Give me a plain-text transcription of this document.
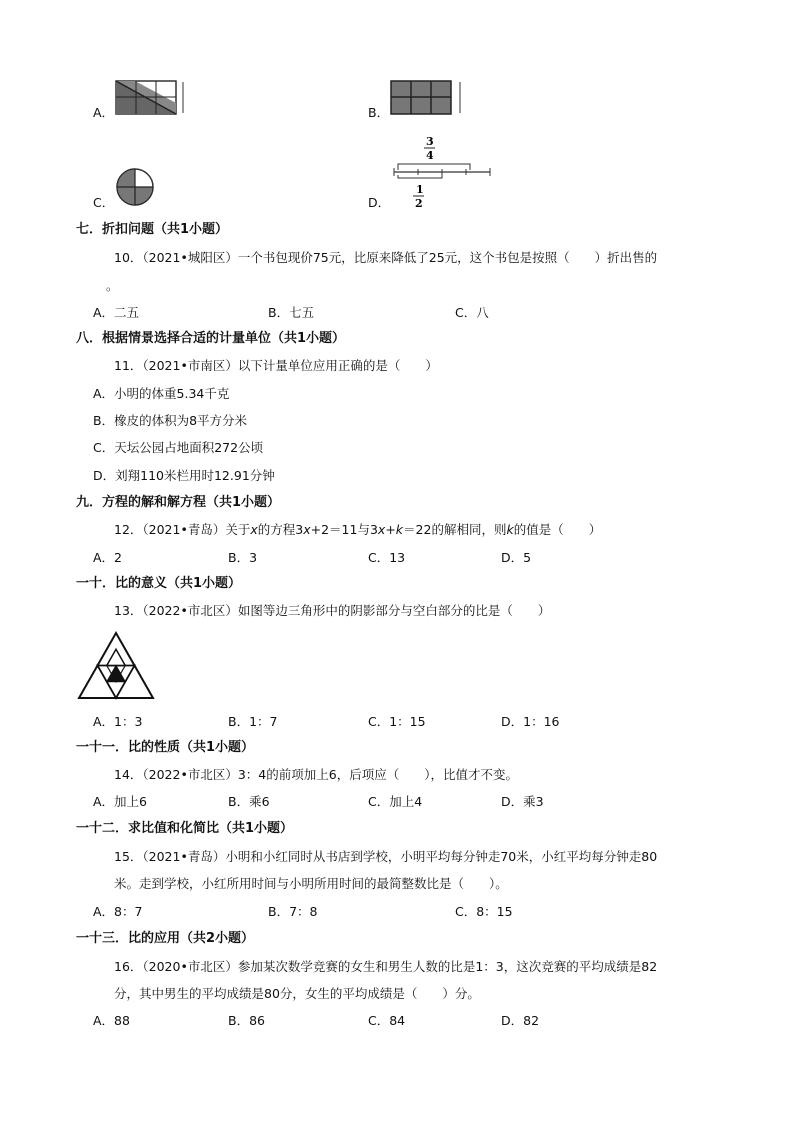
A．	B．
C．	D．
3
4
1
2
七．折扣问题（共1小题）
10．（2021•城阳区）一个书包现价75元，比原来降低了25元，这个书包是按照（　　）折出售的
。
A．二五	B．七五	C．八
八．根据情景选择合适的计量单位（共1小题）
11．（2021•市南区）以下计量单位应用正确的是（　　）
A．小明的体重5.34千克
B．橡皮的体积为8平方分米
C．天坛公园占地面积272公顷
D．刘翔110米栏用时12.91分钟
九．方程的解和解方程（共1小题）
12．（2021•青岛）关于x的方程3x+2＝11与3x+k＝22的解相同，则k的值是（　　）
A．2	B．3	C．13	D．5
一十．比的意义（共1小题）
13．（2022•市北区）如图等边三角形中的阴影部分与空白部分的比是（　　）
A．1：3	B．1：7	C．1：15	D．1：16
一十一．比的性质（共1小题）
14．（2022•市北区）3：4的前项加上6，后项应（　　），比值才不变。
A．加上6	B．乘6	C．加上4	D．乘3
一十二．求比值和化简比（共1小题）
15．（2021•青岛）小明和小红同时从书店到学校，小明平均每分钟走70米，小红平均每分钟走80
米。走到学校，小红所用时间与小明所用时间的最简整数比是（　　）。
A．8：7	B．7：8	C．8：15
一十三．比的应用（共2小题）
16．（2020•市北区）参加某次数学竞赛的女生和男生人数的比是1：3，这次竞赛的平均成绩是82
分，其中男生的平均成绩是80分，女生的平均成绩是（　　）分。
A．88	B．86	C．84	D．82
